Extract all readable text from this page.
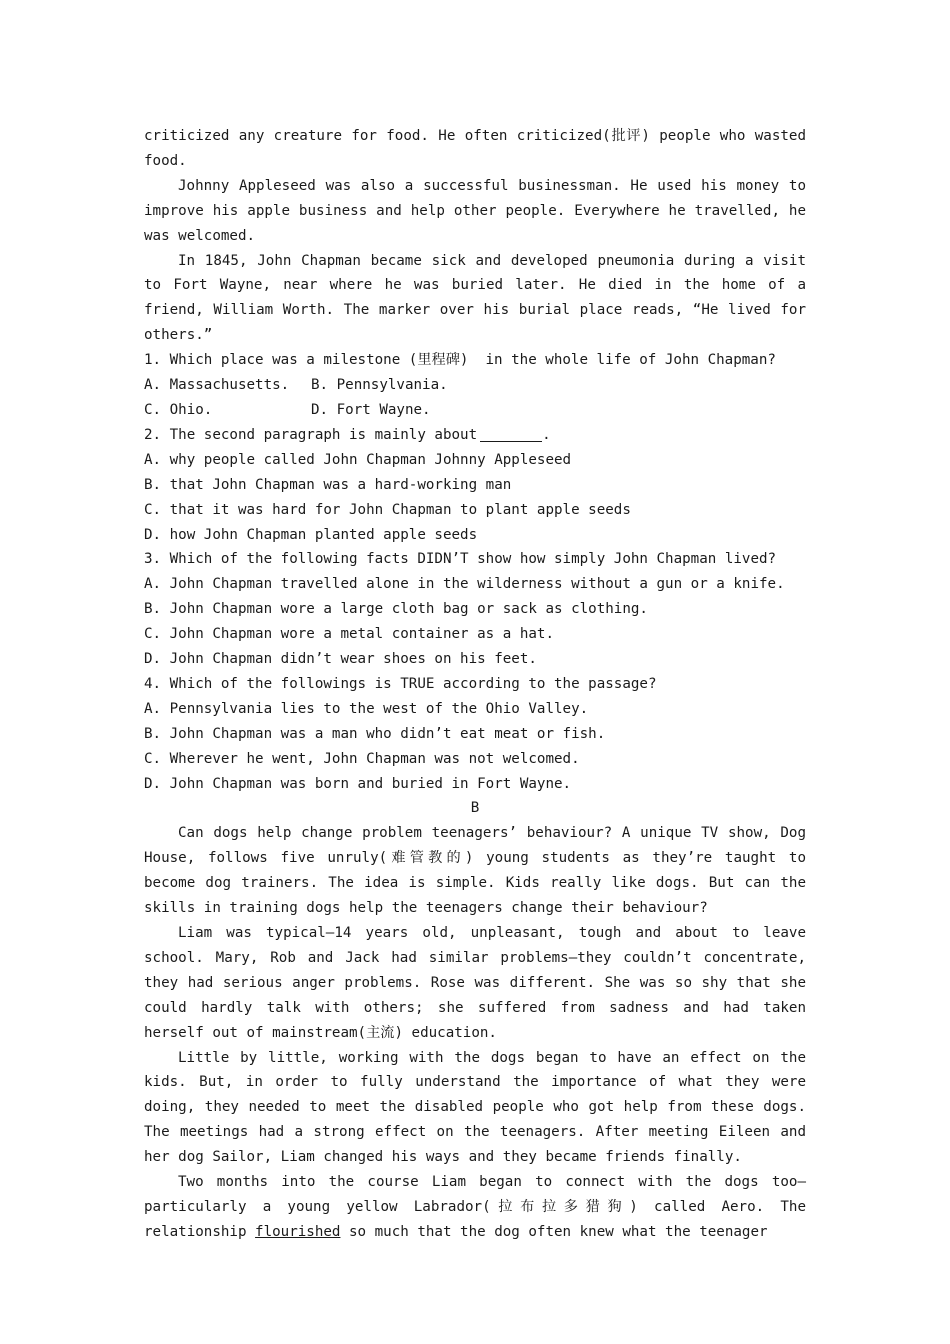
criticized any creature for food. He often criticized(批评) people who wasted food.

Johnny Appleseed was also a successful businessman. He used his money to improve his apple business and help other people. Everywhere he travelled, he was welcomed.

In 1845, John Chapman became sick and developed pneumonia during a visit to Fort Wayne, near where he was buried later. He died in the home of a friend, William Worth. The marker over his burial place reads, “He lived for others.”

1. Which place was a milestone (里程碑)  in the whole life of John Chapman?

A. Massachusetts.	B. Pennsylvania.
C. Ohio.	D. Fort Wayne.

2. The second paragraph is mainly about	.

A. why people called John Chapman Johnny Appleseed

B. that John Chapman was a hard-working man

C. that it was hard for John Chapman to plant apple seeds

D. how John Chapman planted apple seeds

3. Which of the following facts DIDN’T show how simply John Chapman lived?

A. John Chapman travelled alone in the wilderness without a gun or a knife.

B. John Chapman wore a large cloth bag or sack as clothing.

C. John Chapman wore a metal container as a hat.

D. John Chapman didn’t wear shoes on his feet.

4. Which of the followings is TRUE according to the passage?

A. Pennsylvania lies to the west of the Ohio Valley.

B. John Chapman was a man who didn’t eat meat or fish.

C. Wherever he went, John Chapman was not welcomed.

D. John Chapman was born and buried in Fort Wayne.

B

Can dogs help change problem teenagers’ behaviour? A unique TV show, Dog House, follows five unruly(难管教的) young students as they’re taught to become dog trainers. The idea is simple. Kids really like dogs. But can the skills in training dogs help the teenagers change their behaviour?

Liam was typical—14 years old, unpleasant, tough and about to leave school. Mary, Rob and Jack had similar problems—they couldn’t concentrate, they had serious anger problems. Rose was different. She was so shy that she could hardly talk with others; she suffered from sadness and had taken herself out of mainstream(主流) education.

Little by little, working with the dogs began to have an effect on the kids. But, in order to fully understand the importance of what they were doing, they needed to meet the disabled people who got help from these dogs. The meetings had a strong effect on the teenagers. After meeting Eileen and her dog Sailor, Liam changed his ways and they became friends finally.

Two months into the course Liam began to connect with the dogs too—particularly a young yellow Labrador(拉布拉多猎狗) called Aero. The relationship flourished so much that the dog often knew what the teenager
